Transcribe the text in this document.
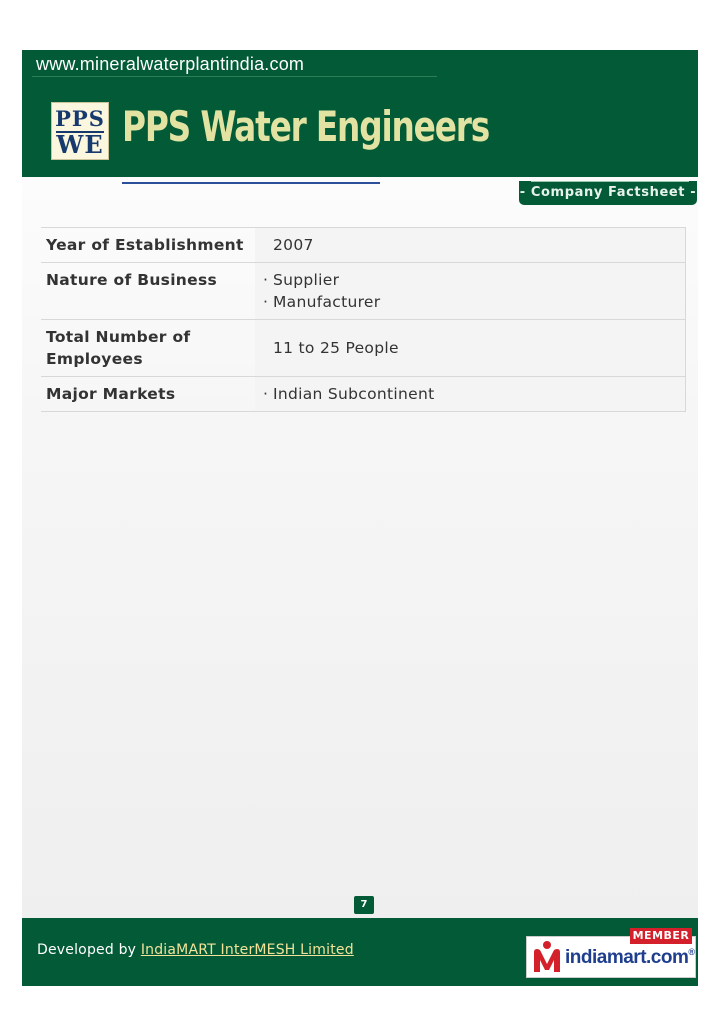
www.mineralwaterplantindia.com
PPS
WE PPS Water Engineers
- Company Factsheet -
Year of Establishment	2007
Nature of Business	· Supplier
· Manufacturer

Total Number of Employees	11 to 25 People
Major Markets	· Indian Subcontinent
7
Developed by IndiaMART InterMESH Limited	indiamart.com®
MEMBER
